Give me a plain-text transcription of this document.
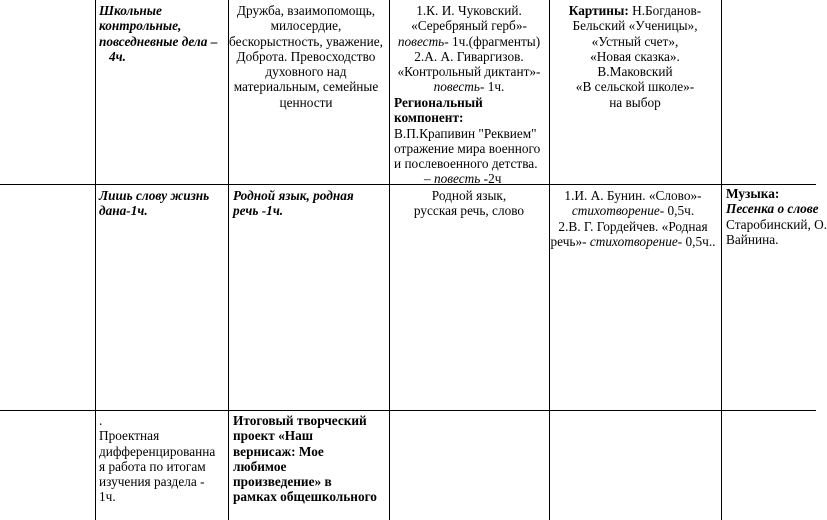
Школьные
контрольные,
повседневные дела –
4ч.
Дружба, взаимопомощь,
милосердие,
бескорыстность, уважение,
Доброта. Превосходство
духовного над
материальным, семейные
ценности
1.К. И. Чуковский.
«Серебряный герб»-
повесть- 1ч.(фрагменты)
2.А. А. Гиваргизов.
«Контрольный диктант»-
повесть- 1ч.
Региональный
компонент:
В.П.Крапивин "Реквием"
отражение мира военного
и послевоенного детства.
– повесть -2ч
Картины: Н.Богданов-
Бельский «Ученицы»,
«Устный счет»,
«Новая сказка».
В.Маковский
«В сельской школе»-
на выбор
Лишь слову жизнь
дана-1ч.
Родной язык, родная
речь -1ч.
Родной язык,
русская речь, слово
1.И. А. Бунин. «Слово»-
стихотворение- 0,5ч.
2.В. Г. Гордейчев. «Родная
речь»- стихотворение- 0,5ч..
Музыка:
Песенка о слове
Старобинский, О.
Вайнина.
.
Проектная
дифференцированна
я работа по итогам
изучения раздела -
1ч.
Итоговый творческий
проект «Наш
вернисаж: Мое
любимое
произведение» в
рамках общешкольного
